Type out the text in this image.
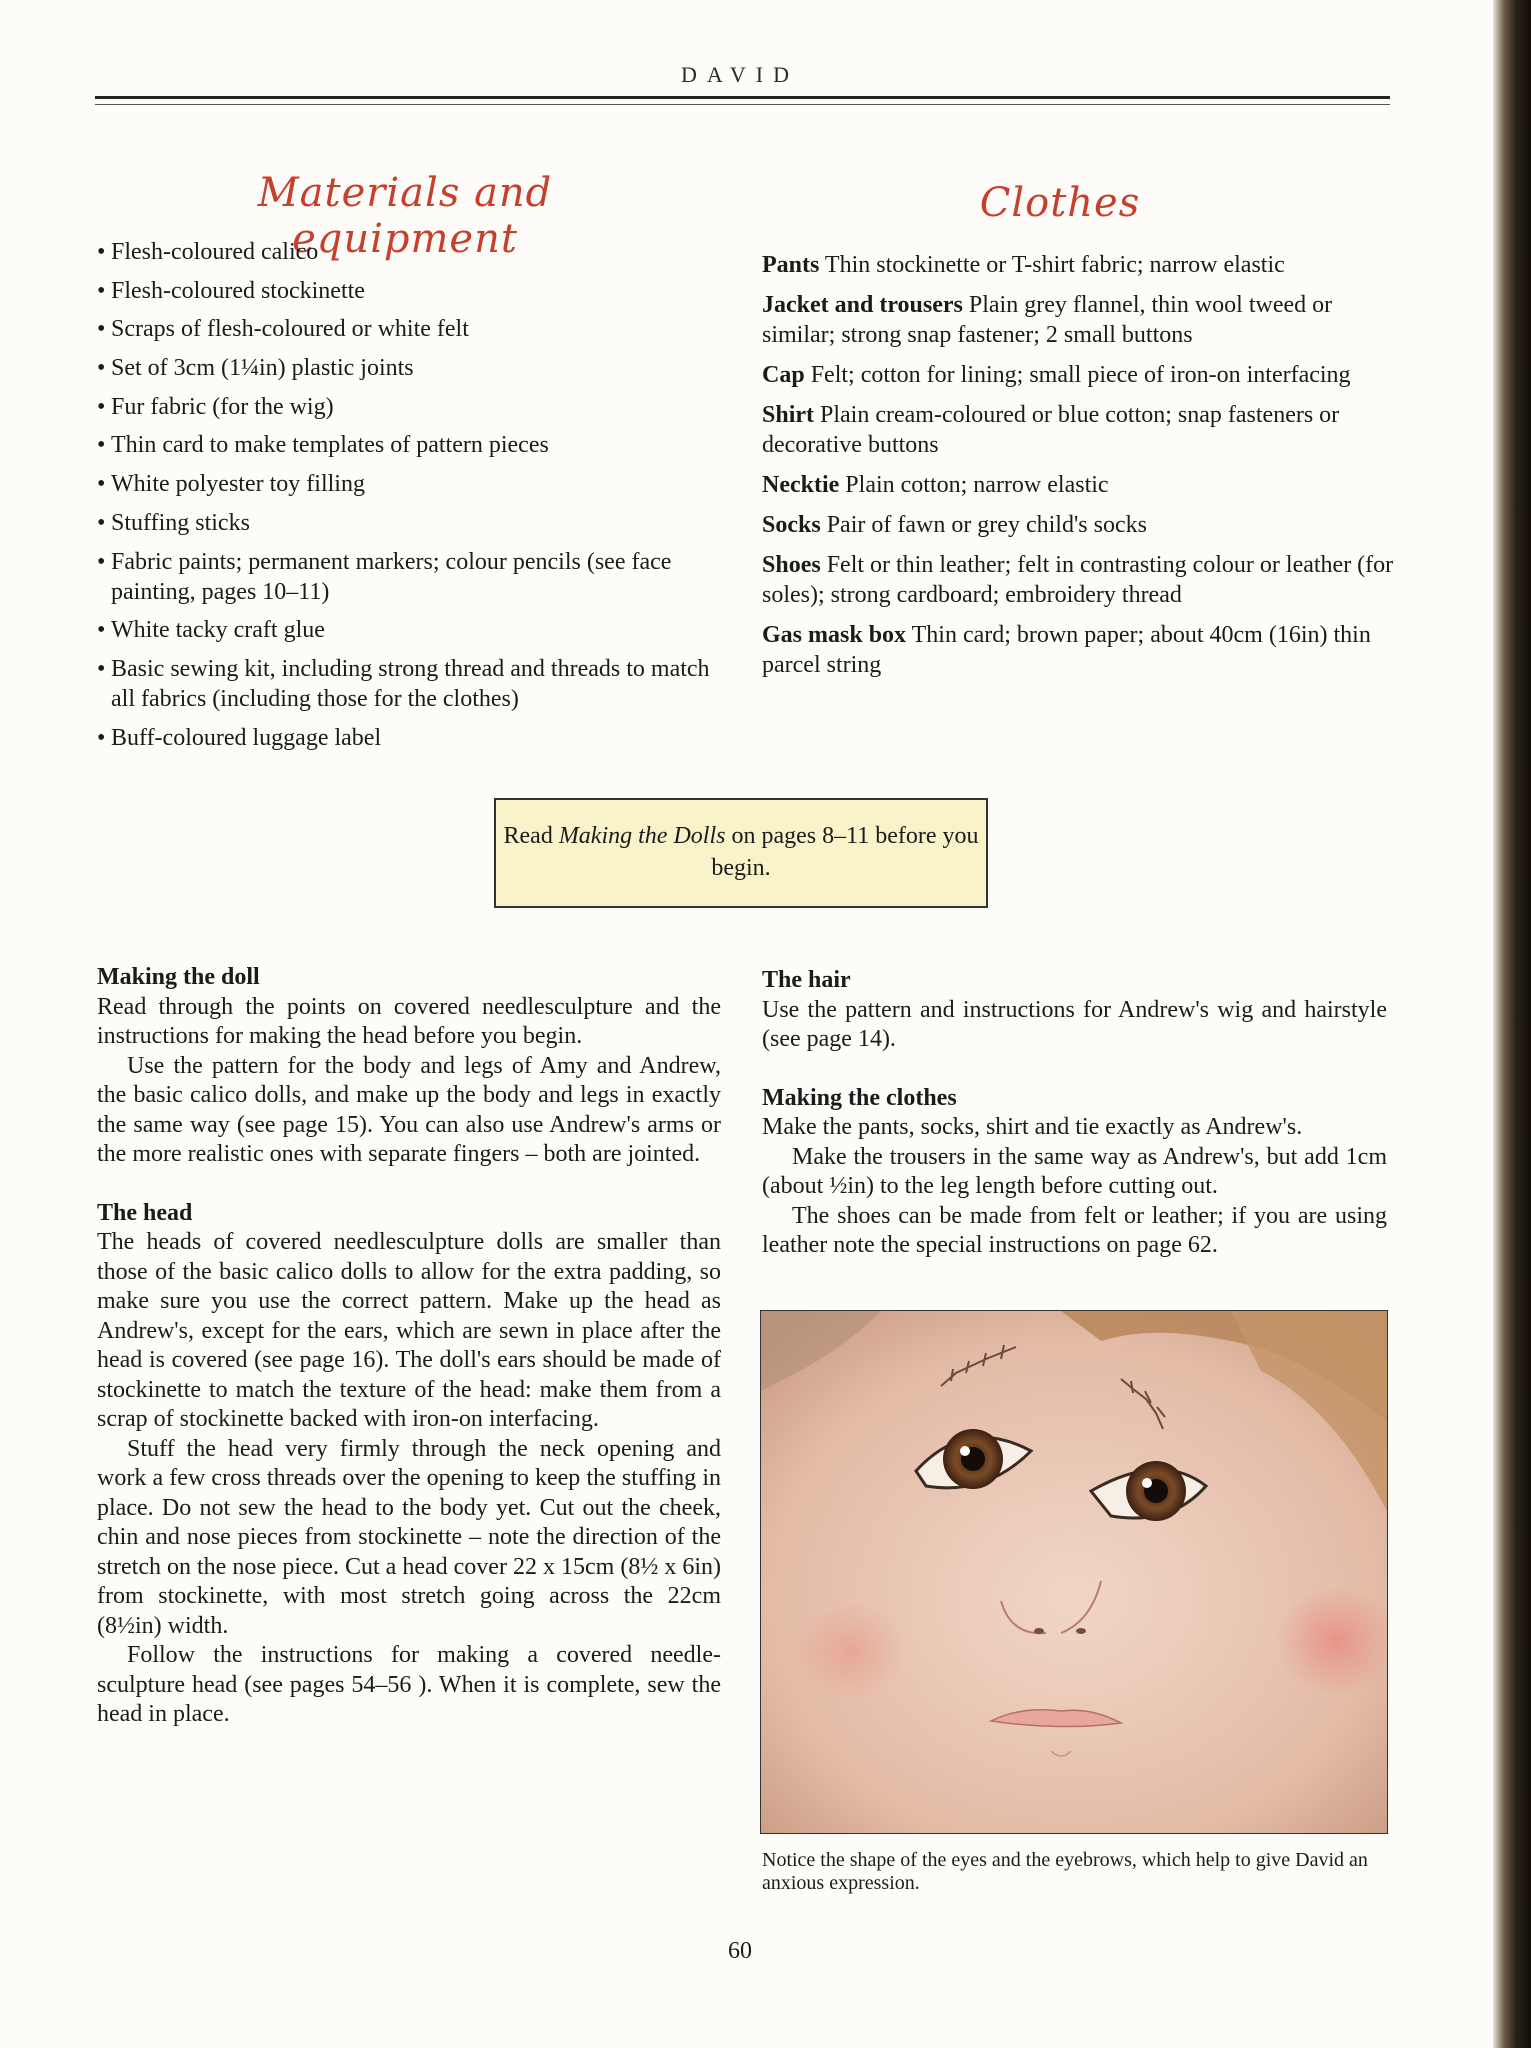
DAVID
Materials and equipment
Clothes
• Flesh-coloured calico
• Flesh-coloured stockinette
• Scraps of flesh-coloured or white felt
• Set of 3cm (1¼in) plastic joints
• Fur fabric (for the wig)
• Thin card to make templates of pattern pieces
• White polyester toy filling
• Stuffing sticks
• Fabric paints; permanent markers; colour pencils (see face painting, pages 10–11)
• White tacky craft glue
• Basic sewing kit, including strong thread and threads to match all fabrics (including those for the clothes)
• Buff-coloured luggage label
Pants Thin stockinette or T-shirt fabric; narrow elastic
Jacket and trousers Plain grey flannel, thin wool tweed or similar; strong snap fastener; 2 small buttons
Cap Felt; cotton for lining; small piece of iron-on interfacing
Shirt Plain cream-coloured or blue cotton; snap fasteners or decorative buttons
Necktie Plain cotton; narrow elastic
Socks Pair of fawn or grey child's socks
Shoes Felt or thin leather; felt in contrasting colour or leather (for soles); strong cardboard; embroidery thread
Gas mask box Thin card; brown paper; about 40cm (16in) thin parcel string
Read Making the Dolls on pages 8–11 before you begin.
Making the doll

Read through the points on covered needlesculpture and the instructions for making the head before you begin.

Use the pattern for the body and legs of Amy and Andrew, the basic calico dolls, and make up the body and legs in exactly the same way (see page 15). You can also use Andrew's arms or the more realistic ones with separate fingers – both are jointed.

The head

The heads of covered needlesculpture dolls are smaller than those of the basic calico dolls to allow for the extra padding, so make sure you use the correct pattern. Make up the head as Andrew's, except for the ears, which are sewn in place after the head is covered (see page 16). The doll's ears should be made of stockinette to match the texture of the head: make them from a scrap of stockinette backed with iron-on interfacing.

Stuff the head very firmly through the neck opening and work a few cross threads over the opening to keep the stuffing in place. Do not sew the head to the body yet. Cut out the cheek, chin and nose pieces from stockinette – note the direction of the stretch on the nose piece. Cut a head cover 22 x 15cm (8½ x 6in) from stockinette, with most stretch going across the 22cm (8½in) width.

Follow the instructions for making a covered needle-sculpture head (see pages 54–56 ). When it is complete, sew the head in place.

The hair

Use the pattern and instructions for Andrew's wig and hairstyle (see page 14).

Making the clothes

Make the pants, socks, shirt and tie exactly as Andrew's.

Make the trousers in the same way as Andrew's, but add 1cm (about ½in) to the leg length before cutting out.

The shoes can be made from felt or leather; if you are using leather note the special instructions on page 62.

Notice the shape of the eyes and the eyebrows, which help to give David an anxious expression.
60
